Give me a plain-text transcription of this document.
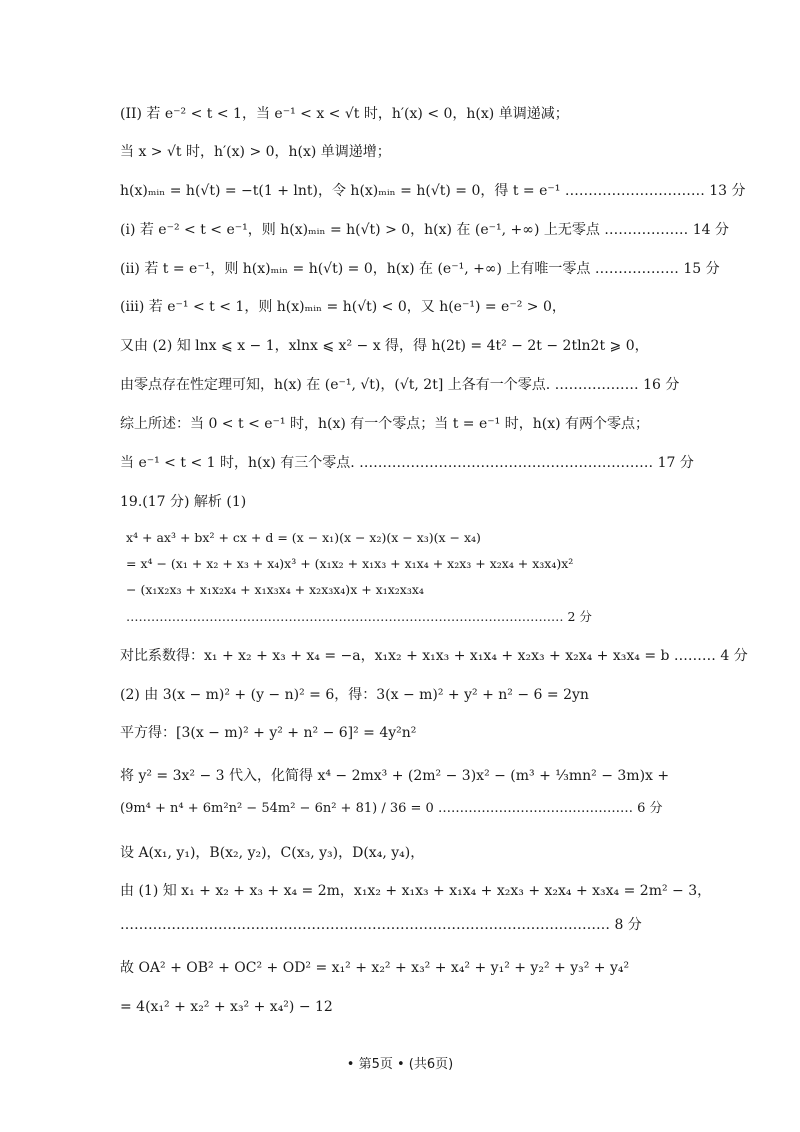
(II) 若 e⁻² < t < 1，当 e⁻¹ < x < √t 时，h′(x) < 0，h(x) 单调递减；
当 x > √t 时，h′(x) > 0，h(x) 单调递增；
h(x)ₘᵢₙ = h(√t) = −t(1 + lnt)，令 h(x)ₘᵢₙ = h(√t) = 0，得 t = e⁻¹ ………………………… 13 分
(i) 若 e⁻² < t < e⁻¹，则 h(x)ₘᵢₙ = h(√t) > 0，h(x) 在 (e⁻¹, +∞) 上无零点 ……………… 14 分
(ii) 若 t = e⁻¹，则 h(x)ₘᵢₙ = h(√t) = 0，h(x) 在 (e⁻¹, +∞) 上有唯一零点 ……………… 15 分
(iii) 若 e⁻¹ < t < 1，则 h(x)ₘᵢₙ = h(√t) < 0，又 h(e⁻¹) = e⁻² > 0，
又由 (2) 知 lnx ⩽ x − 1，xlnx ⩽ x² − x 得，得 h(2t) = 4t² − 2t − 2tln2t ⩾ 0，
由零点存在性定理可知，h(x) 在 (e⁻¹, √t)，(√t, 2t] 上各有一个零点. ……………… 16 分
综上所述：当 0 < t < e⁻¹ 时，h(x) 有一个零点；当 t = e⁻¹ 时，h(x) 有两个零点；
当 e⁻¹ < t < 1 时，h(x) 有三个零点. ……………………………………………………… 17 分
19.(17 分) 解析 (1)
x⁴ + ax³ + bx² + cx + d = (x − x₁)(x − x₂)(x − x₃)(x − x₄)
= x⁴ − (x₁ + x₂ + x₃ + x₄)x³ + (x₁x₂ + x₁x₃ + x₁x₄ + x₂x₃ + x₂x₄ + x₃x₄)x²
− (x₁x₂x₃ + x₁x₂x₄ + x₁x₃x₄ + x₂x₃x₄)x + x₁x₂x₃x₄
…………………………………………………………………………………………… 2 分
对比系数得：x₁ + x₂ + x₃ + x₄ = −a，x₁x₂ + x₁x₃ + x₁x₄ + x₂x₃ + x₂x₄ + x₃x₄ = b ……… 4 分
(2) 由 3(x − m)² + (y − n)² = 6，得：3(x − m)² + y² + n² − 6 = 2yn
平方得：[3(x − m)² + y² + n² − 6]² = 4y²n²
将 y² = 3x² − 3 代入，化简得 x⁴ − 2mx³ + (2m² − 3)x² − (m³ + ⅓mn² − 3m)x +
(9m⁴ + n⁴ + 6m²n² − 54m² − 6n² + 81) / 36 = 0 ……………………………………… 6 分
设 A(x₁, y₁)，B(x₂, y₂)，C(x₃, y₃)，D(x₄, y₄)，
由 (1) 知 x₁ + x₂ + x₃ + x₄ = 2m，x₁x₂ + x₁x₃ + x₁x₄ + x₂x₃ + x₂x₄ + x₃x₄ = 2m² − 3，
…………………………………………………………………………………………… 8 分
故 OA² + OB² + OC² + OD² = x₁² + x₂² + x₃² + x₄² + y₁² + y₂² + y₃² + y₄²
= 4(x₁² + x₂² + x₃² + x₄²) − 12
• 第5页 • (共6页)
